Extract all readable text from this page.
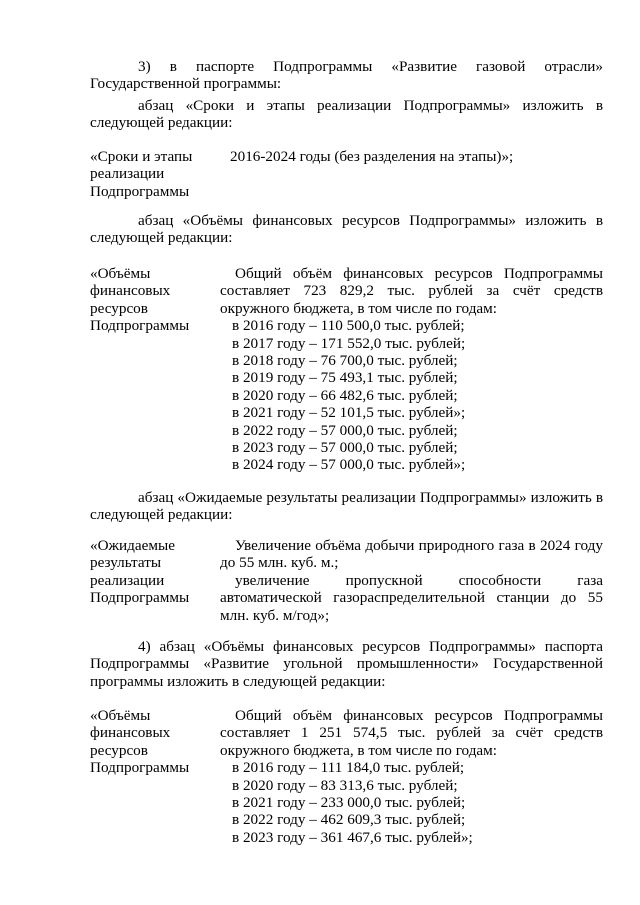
3) в паспорте Подпрограммы «Развитие газовой отрасли» Государственной программы:
абзац «Сроки и этапы реализации Подпрограммы» изложить в следующей редакции:
«Сроки и этапы
реализации
Подпрограммы
2016-2024 годы (без разделения на этапы)»;
абзац «Объёмы финансовых ресурсов Подпрограммы» изложить в следующей редакции:
«Объёмы
финансовых
ресурсов
Подпрограммы
Общий объём финансовых ресурсов Подпрограммы составляет 723 829,2 тыс. рублей за счёт средств окружного бюджета, в том числе по годам:
в 2016 году – 110 500,0 тыс. рублей;
в 2017 году – 171 552,0 тыс. рублей;
в 2018 году – 76 700,0 тыс. рублей;
в 2019 году – 75 493,1 тыс. рублей;
в 2020 году – 66 482,6 тыс. рублей;
в 2021 году – 52 101,5 тыс. рублей»;
в 2022 году – 57 000,0 тыс. рублей;
в 2023 году – 57 000,0 тыс. рублей;
в 2024 году – 57 000,0 тыс. рублей»;
абзац «Ожидаемые результаты реализации Подпрограммы» изложить в следующей редакции:
«Ожидаемые
результаты
реализации
Подпрограммы
Увеличение объёма добычи природного газа в 2024 году до 55 млн. куб. м.;
увеличение пропускной способности газа автоматической газораспределительной станции до 55 млн. куб. м/год»;
4) абзац «Объёмы финансовых ресурсов Подпрограммы» паспорта Подпрограммы «Развитие угольной промышленности» Государственной программы изложить в следующей редакции:
«Объёмы
финансовых
ресурсов
Подпрограммы
Общий объём финансовых ресурсов Подпрограммы составляет 1 251 574,5 тыс. рублей за счёт средств окружного бюджета, в том числе по годам:
в 2016 году – 111 184,0 тыс. рублей;
в 2020 году – 83 313,6 тыс. рублей;
в 2021 году – 233 000,0 тыс. рублей;
в 2022 году – 462 609,3 тыс. рублей;
в 2023 году – 361 467,6 тыс. рублей»;
